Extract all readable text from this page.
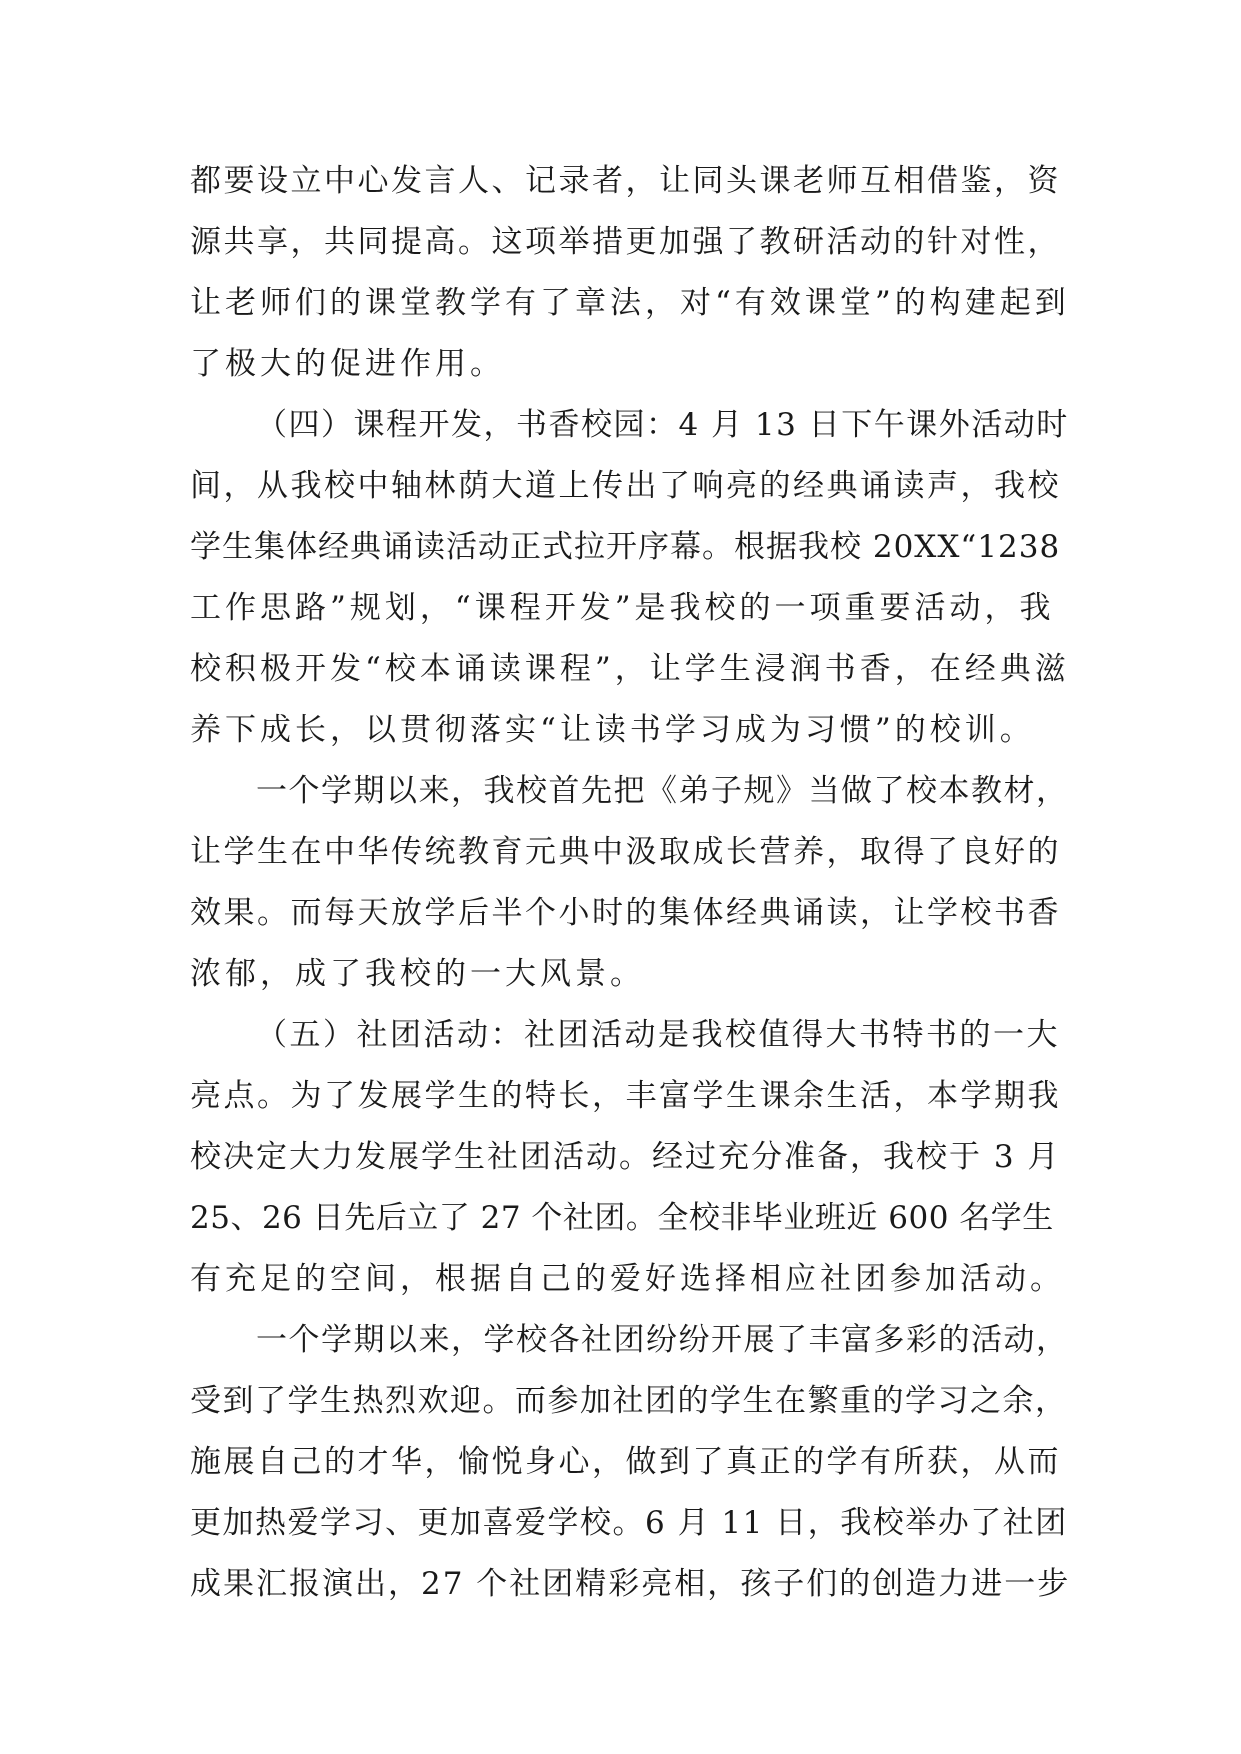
都要设立中心发言人、记录者，让同头课老师互相借鉴，资
源共享，共同提高。这项举措更加强了教研活动的针对性，
让老师们的课堂教学有了章法，对“有效课堂”的构建起到
了极大的促进作用。
（四）课程开发，书香校园：4 月 13 日下午课外活动时
间，从我校中轴林荫大道上传出了响亮的经典诵读声，我校
学生集体经典诵读活动正式拉开序幕。根据我校 20XX“1238
工作思路”规划，“课程开发”是我校的一项重要活动，我
校积极开发“校本诵读课程”，让学生浸润书香，在经典滋
养下成长，以贯彻落实“让读书学习成为习惯”的校训。
一个学期以来，我校首先把《弟子规》当做了校本教材，
让学生在中华传统教育元典中汲取成长营养，取得了良好的
效果。而每天放学后半个小时的集体经典诵读，让学校书香
浓郁，成了我校的一大风景。
（五）社团活动：社团活动是我校值得大书特书的一大
亮点。为了发展学生的特长，丰富学生课余生活，本学期我
校决定大力发展学生社团活动。经过充分准备，我校于 3 月
25、26 日先后立了 27 个社团。全校非毕业班近 600 名学生
有充足的空间，根据自己的爱好选择相应社团参加活动。
一个学期以来，学校各社团纷纷开展了丰富多彩的活动，
受到了学生热烈欢迎。而参加社团的学生在繁重的学习之余，
施展自己的才华，愉悦身心，做到了真正的学有所获，从而
更加热爱学习、更加喜爱学校。6 月 11 日，我校举办了社团
成果汇报演出，27 个社团精彩亮相，孩子们的创造力进一步
